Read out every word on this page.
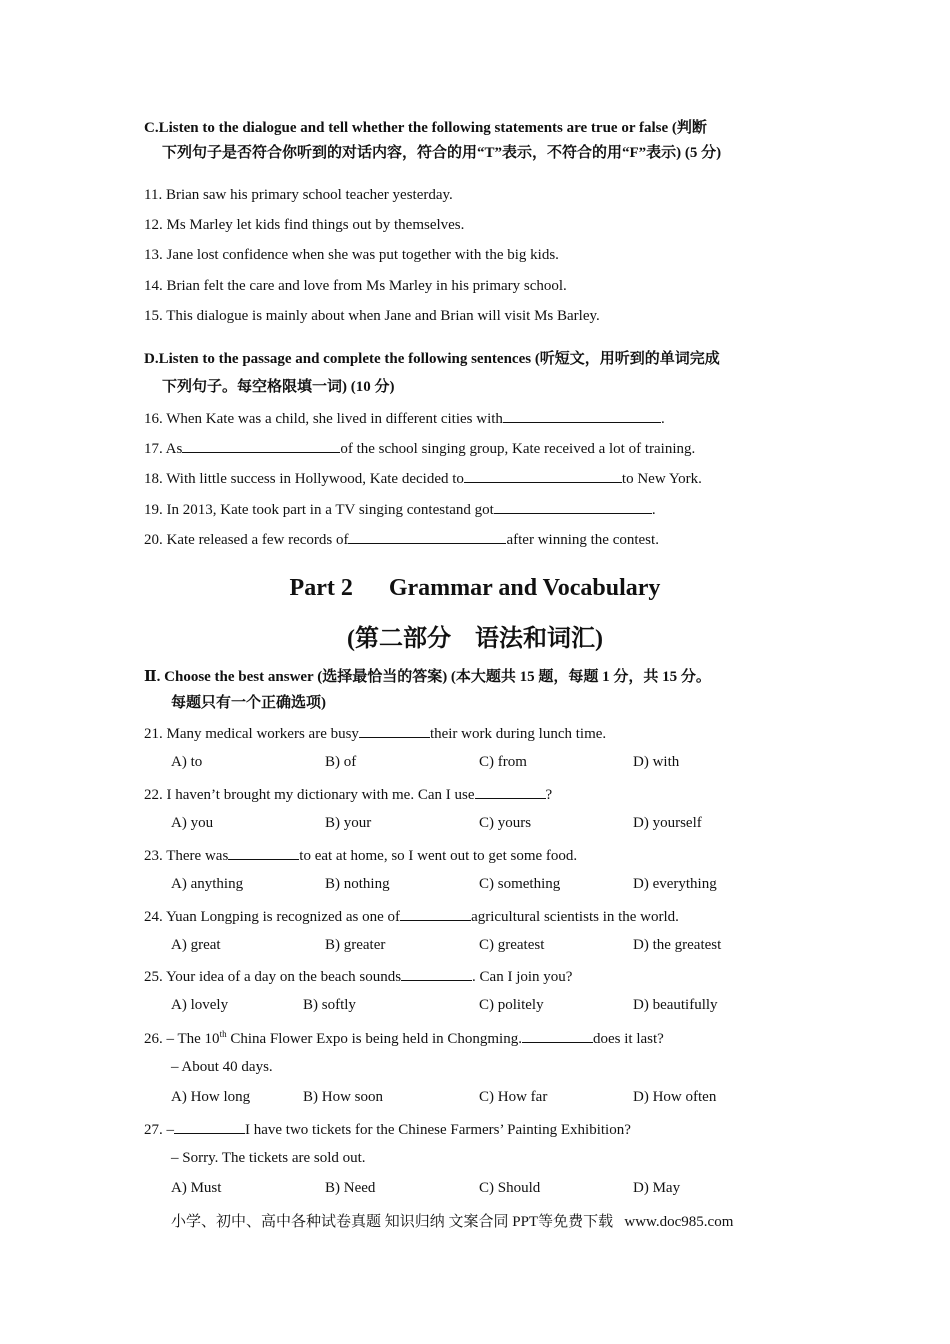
C.Listen to the dialogue and tell whether the following statements are true or false (判断
下列句子是否符合你听到的对话内容，符合的用“T”表示，不符合的用“F”表示) (5 分)
11. Brian saw his primary school teacher yesterday.
12. Ms Marley let kids find things out by themselves.
13. Jane lost confidence when she was put together with the big kids.
14. Brian felt the care and love from Ms Marley in his primary school.
15. This dialogue is mainly about when Jane and Brian will visit Ms Barley.
D.Listen to the passage and complete the following sentences (听短文，用听到的单词完成
下列句子。每空格限填一词) (10 分)
16. When Kate was a child, she lived in different cities with	.
17. As	of the school singing group, Kate received a lot of training.
18. With little success in Hollywood, Kate decided to	to New York.
19. In 2013, Kate took part in a TV singing contestand got	.
20. Kate released a few records of	after winning the contest.
Part 2      Grammar and Vocabulary
(第二部分    语法和词汇)
Ⅱ. Choose the best answer (选择最恰当的答案) (本大题共 15 题，每题 1 分，共 15 分。
每题只有一个正确选项)
21. Many medical workers are busy	their work during lunch time.
A) to	B) of	C) from	D) with
22. I haven’t brought my dictionary with me. Can I use	?
A) you	B) your	C) yours	D) yourself
23. There was	to eat at home, so I went out to get some food.
A) anything	B) nothing	C) something	D) everything
24. Yuan Longping is recognized as one of	agricultural scientists in the world.
A) great	B) greater	C) greatest	D) the greatest
25. Your idea of a day on the beach sounds	. Can I join you?
A) lovely	B) softly	C) politely	D) beautifully
26. – The 10th China Flower Expo is being held in Chongming.	does it last?
– About 40 days.
A) How long	B) How soon	C) How far	D) How often
27. –	I have two tickets for the Chinese Farmers’ Painting Exhibition?
– Sorry. The tickets are sold out.
A) Must	B) Need	C) Should	D) May
小学、初中、高中各种试卷真题 知识归纳 文案合同 PPT等免费下载 www.doc985.com
